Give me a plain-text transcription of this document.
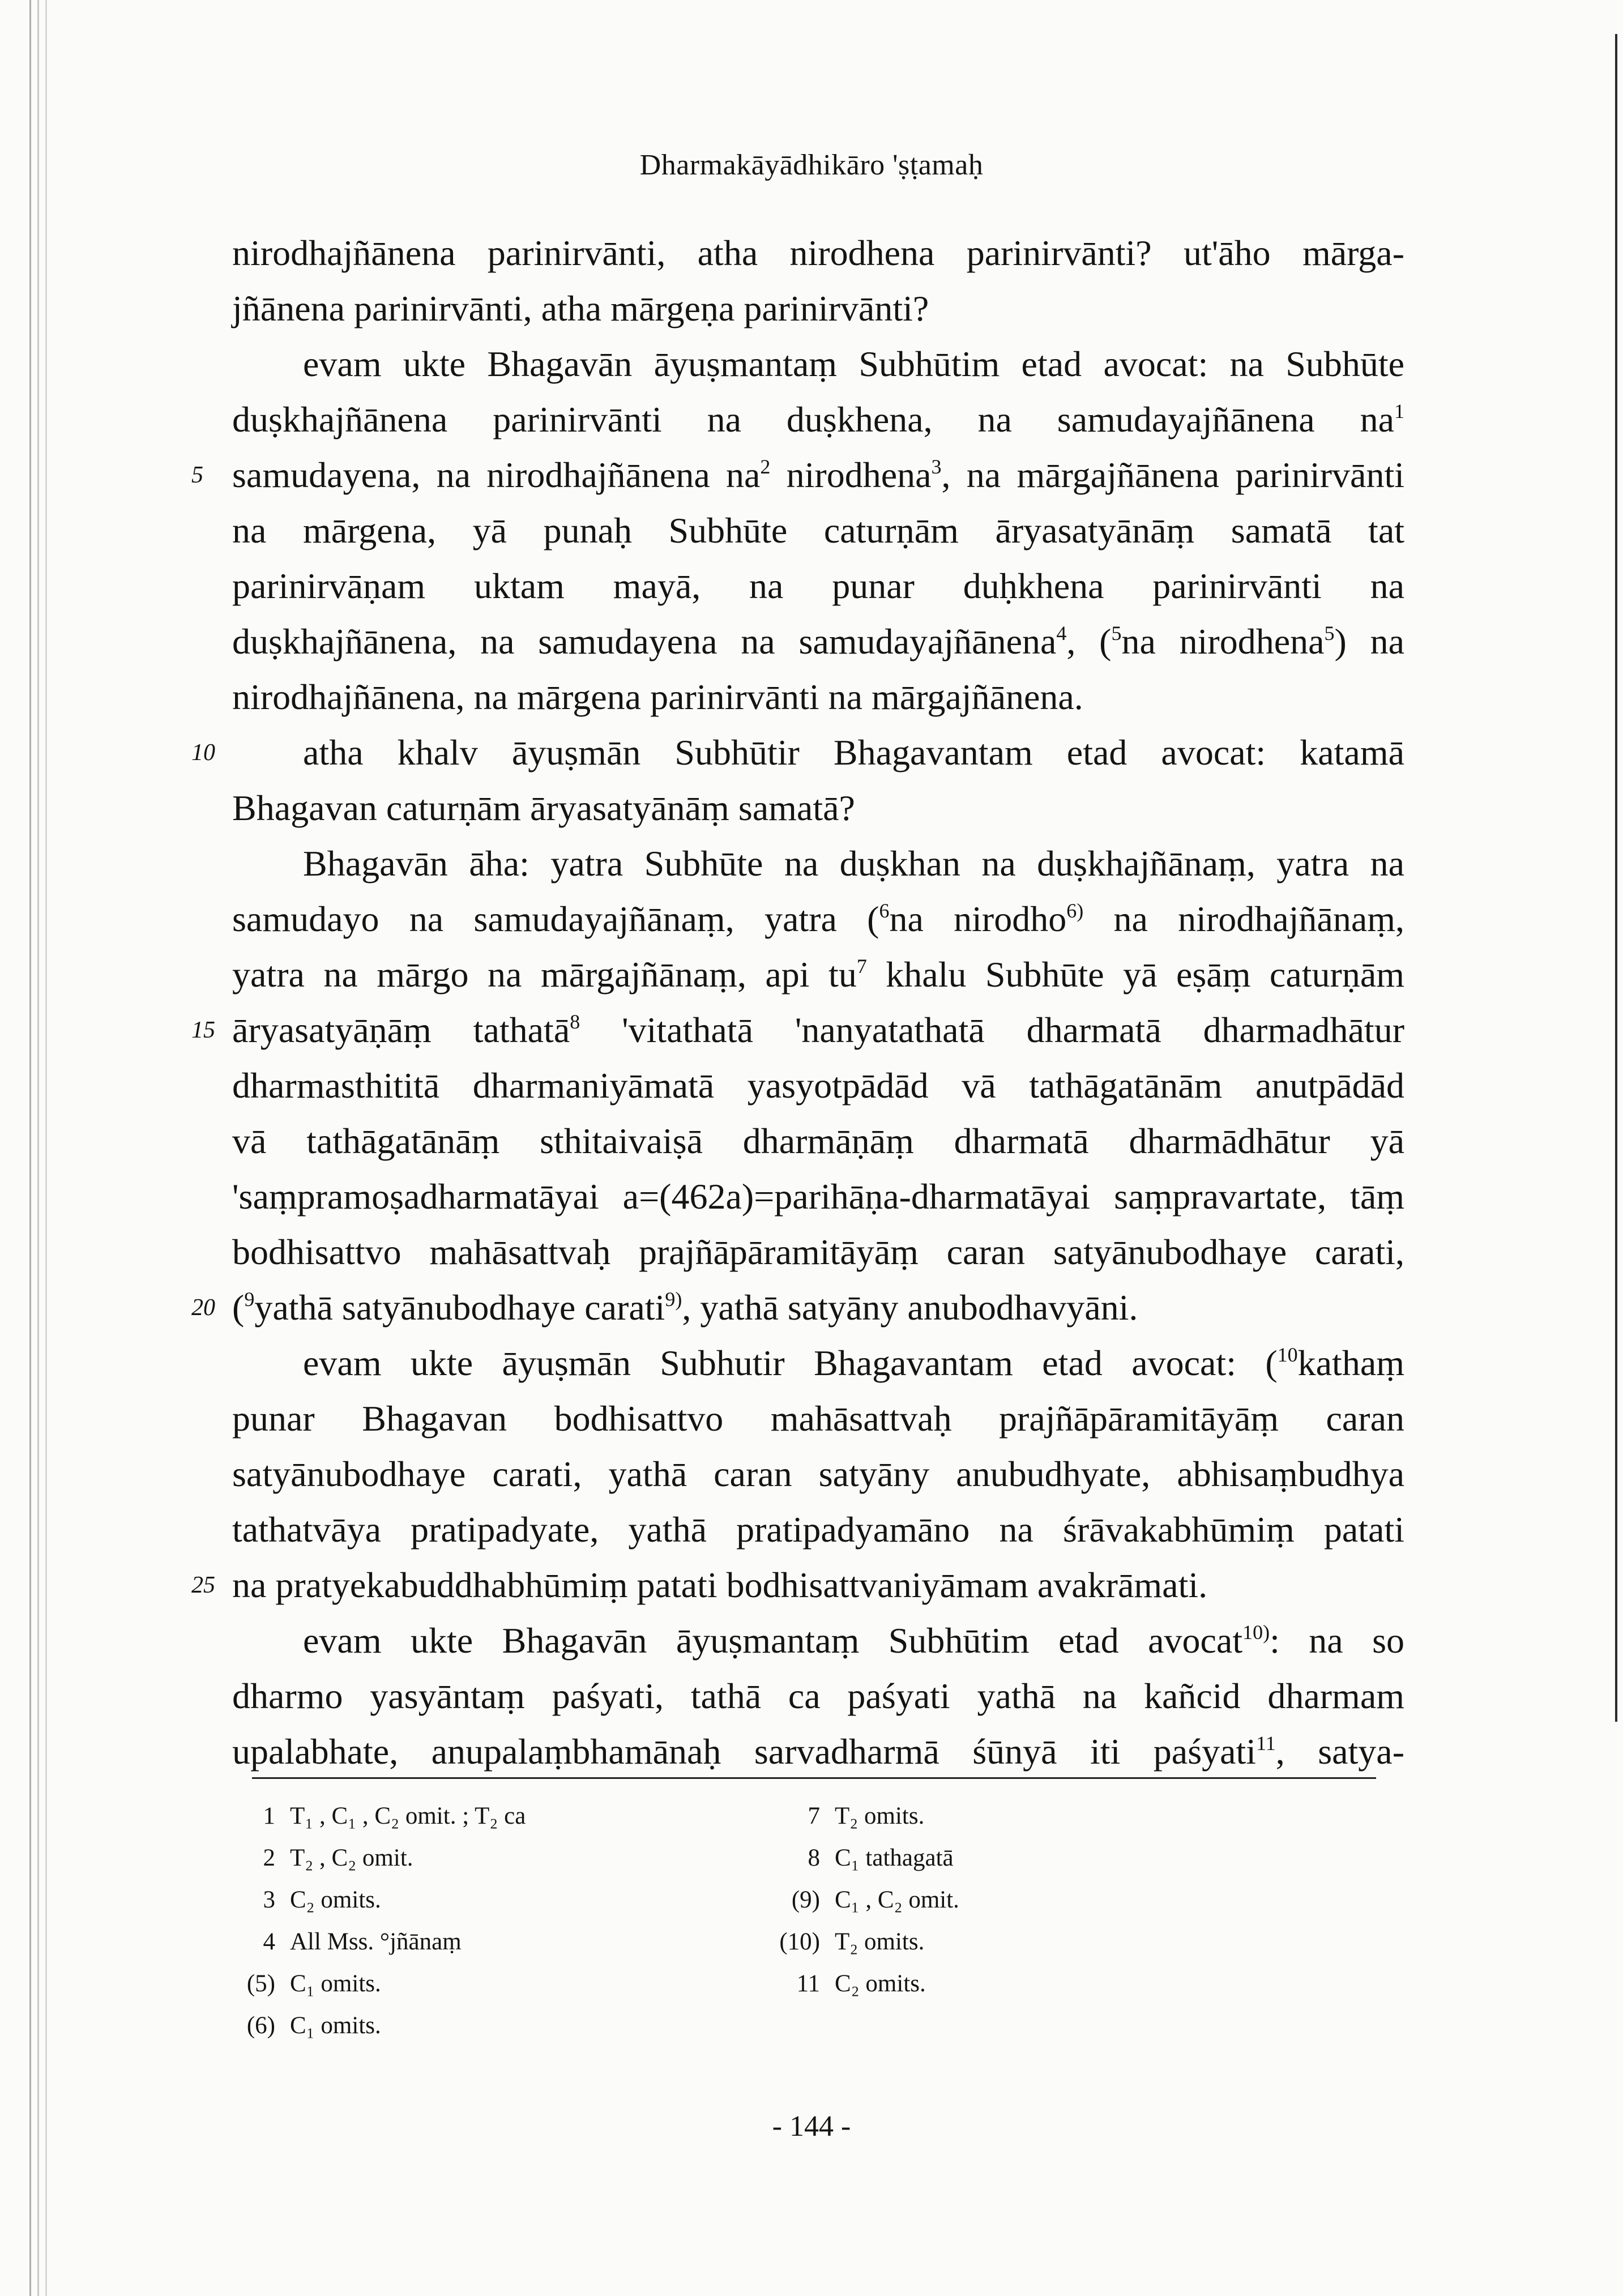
Dharmakāyādhikāro 'ṣṭamaḥ
nirodhajñānena parinirvānti, atha nirodhena parinirvānti? ut'āho mārga-
jñānena parinirvānti, atha mārgeṇa parinirvānti?
evam ukte Bhagavān āyuṣmantaṃ Subhūtim etad avocat: na Subhūte
duṣkhajñānena parinirvānti na duṣkhena, na samudayajñānena $na^1$
5 samudayena, na nirodhajñānena $na^2$ nirodhena$^3$, na mārgajñānena parinirvānti
na mārgena, yā punaḥ Subhūte caturṇām āryasatyānāṃ samatā tat
parinirvāṇam uktam mayā, na punar duḥkhena parinirvānti na
duṣkhajñānena, na samudayena na samudayajñānena$^4$, ($^5$na nirodhena$^5$) na
nirodhajñānena, na mārgena parinirvānti na mārgajñānena.
10	atha khalv āyuṣmān Subhūtir Bhagavantam etad avocat: katamā
Bhagavan caturṇām āryasatyānāṃ samatā?
Bhagavān āha: yatra Subhūte na duṣkhan na duṣkhajñānaṃ, yatra na
samudayo na samudayajñānaṃ, yatra ($^6$na nirodho$^{6)}$ na nirodhajñānaṃ,
yatra na mārgo na mārgajñānaṃ, api $tu^7$ khalu Subhūte yā eṣāṃ caturṇām
15 āryasatyāṇāṃ tathatā$^8$ 'vitathatā 'nanyatathatā dharmatā dharmadhātur
dharmasthititā dharmaniyāmatā yasyotpādād vā tathāgatānām anutpādād
vā tathāgatānāṃ sthitaivaiṣā dharmāṇāṃ dharmatā dharmādhātur yā
'saṃpramoṣadharmatāyai a=(462a)=parihāṇa-dharmatāyai saṃpravartate, tāṃ
bodhisattvo mahāsattvaḥ prajñāpāramitāyāṃ caran satyānubodhaye carati,
20 ($^9$yathā satyānubodhaye carati$^{9)}$, yathā satyāny anubodhavyāni.
evam ukte āyuṣmān Subhutir Bhagavantam etad avocat: ($^{10}$kathaṃ
punar Bhagavan bodhisattvo mahāsattvaḥ prajñāpāramitāyāṃ caran
satyānubodhaye carati, yathā caran satyāny anubudhyate, abhisaṃbudhya
tathatvāya pratipadyate, yathā pratipadyamāno na śrāvakabhūmiṃ patati
25 na pratyekabuddhabhūmiṃ patati bodhisattvaniyāmam avakrāmati.
evam ukte Bhagavān āyuṣmantaṃ Subhūtim etad avocat$^{10)}$: na so
dharmo yasyāntaṃ paśyati, tathā ca paśyati yathā na kañcid dharmam
upalabhate, anupalaṃbhamānaḥ sarvadharmā śūnyā iti paśyati$^{11}$, satya-
1 T₁ , C₁ , C₂ omit. ; T₂ ca
2 T₂ , C₂ omit.
3 C₂ omits.
4 All Mss. °jñānaṃ
(5) C₁ omits.
(6) C₁ omits.
7 T₂ omits.
8 C₁ tathagatā
(9) C₁ , C₂ omit.
(10) T₂ omits.
11 C₂ omits.
- 144 -
